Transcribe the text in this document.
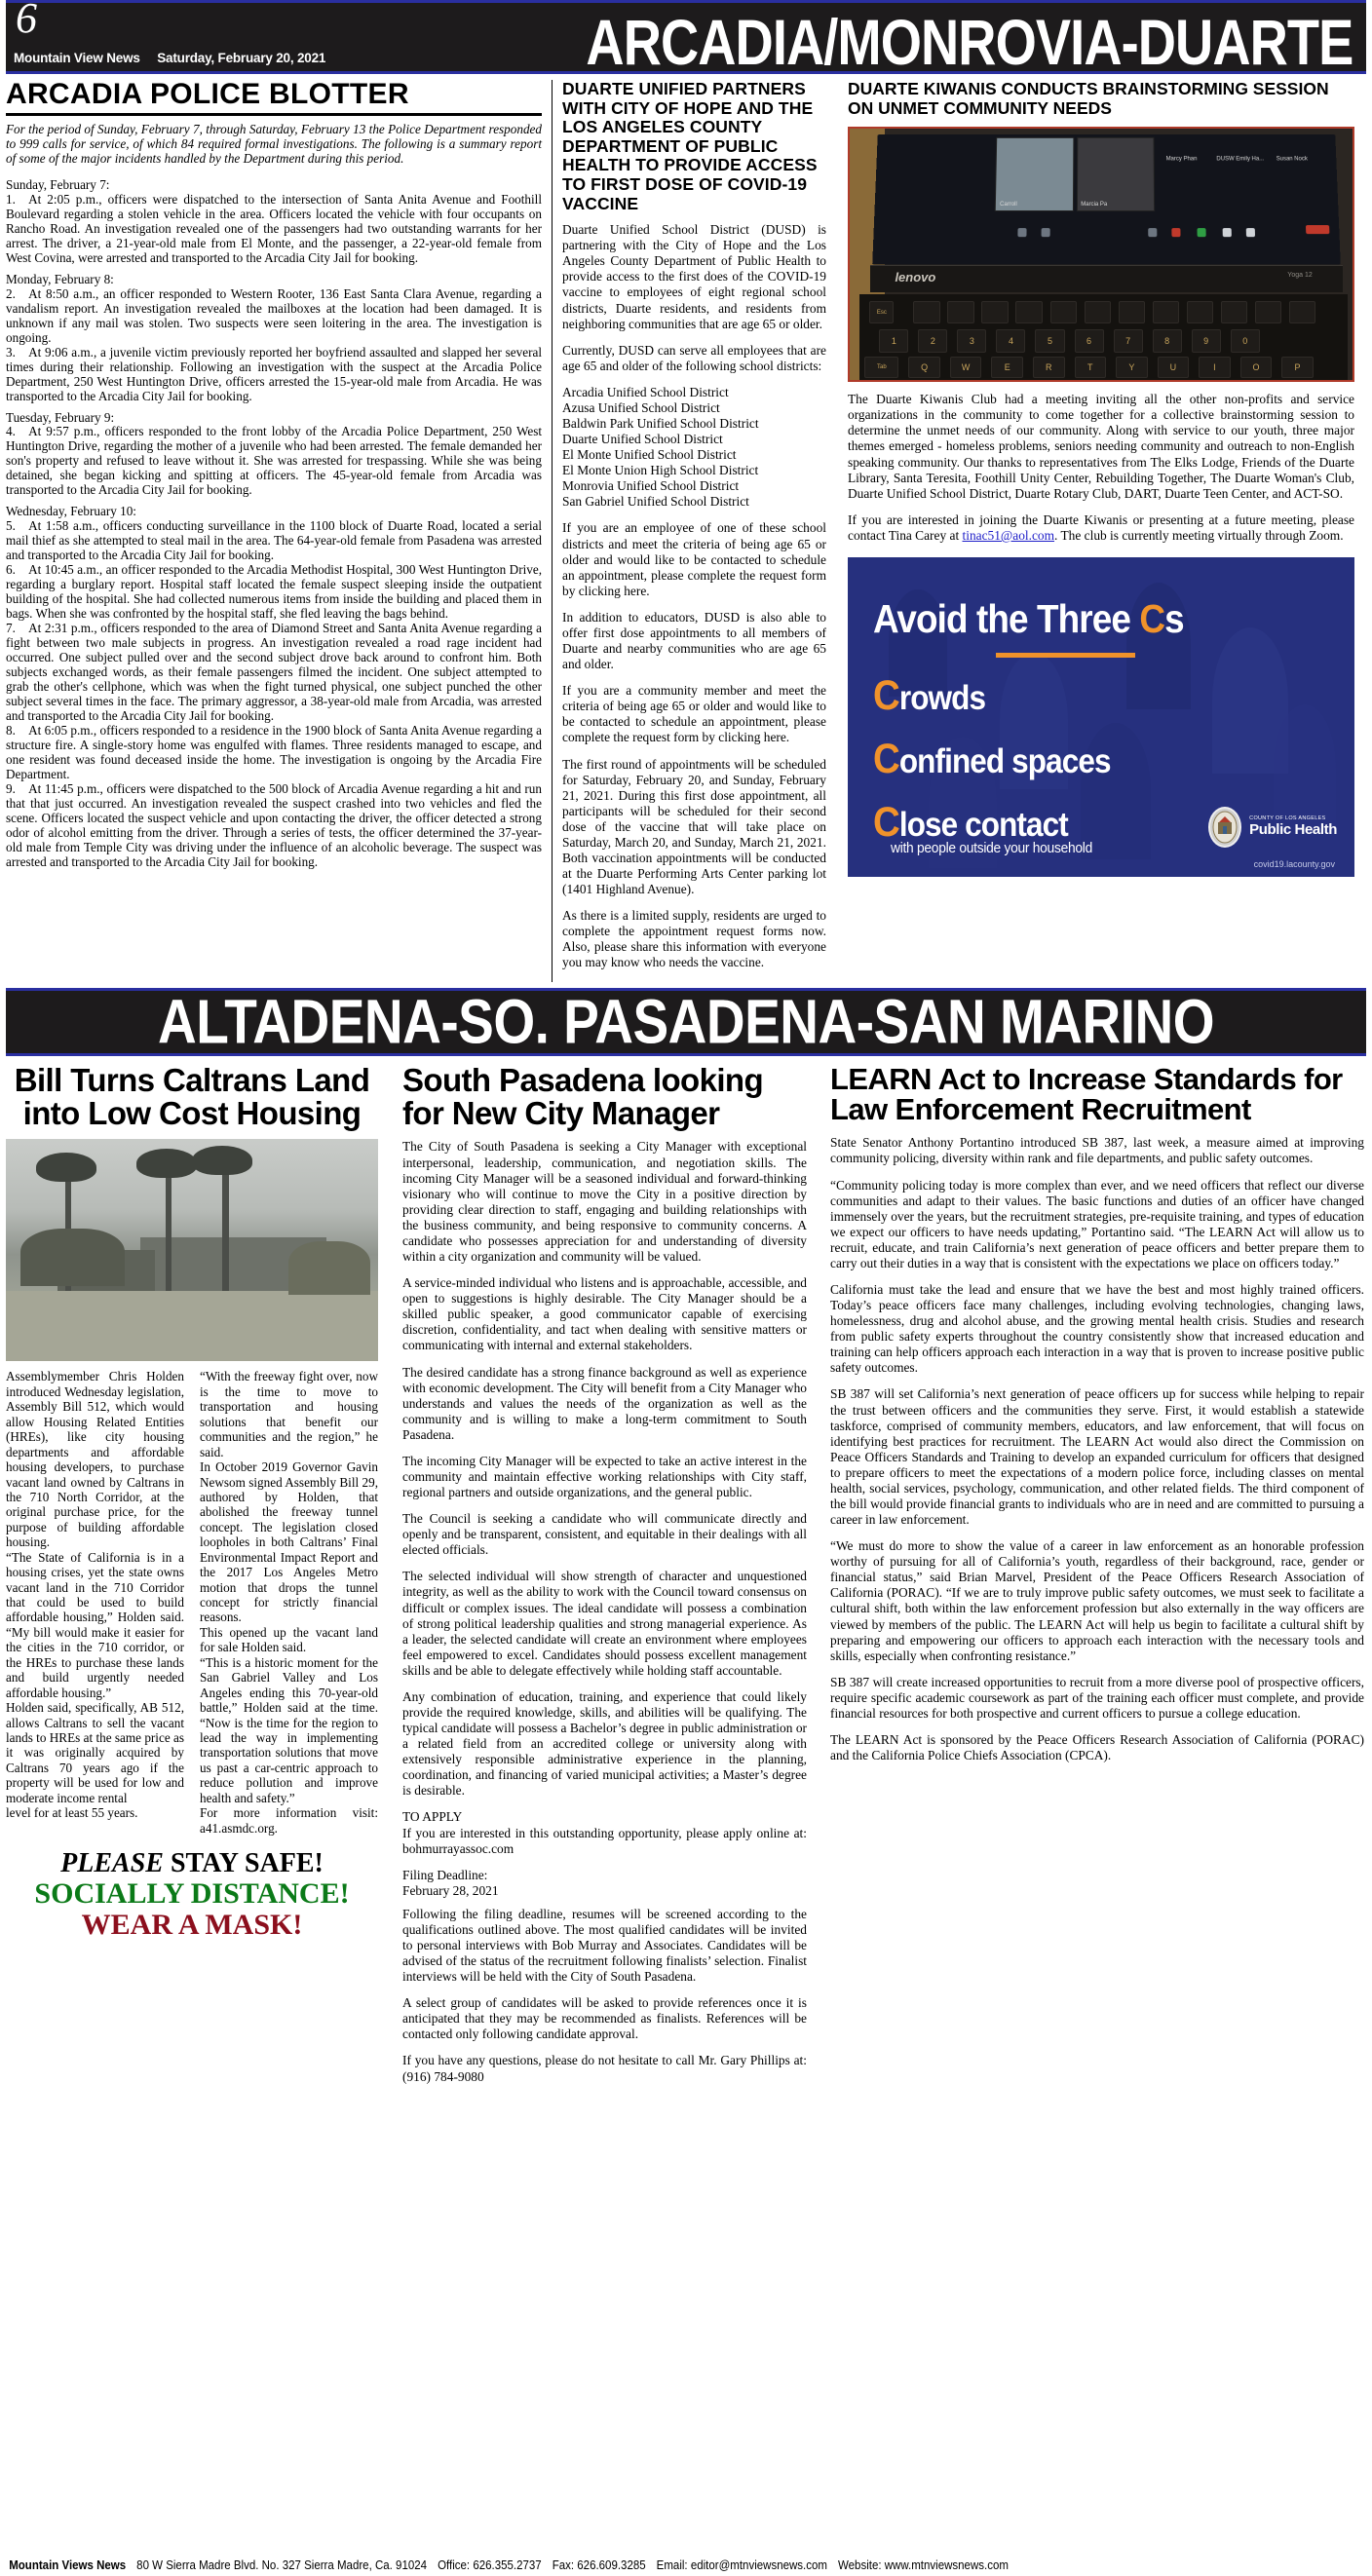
6
Mountain View News Saturday, February 20, 2021	ARCADIA/MONROVIA-DUARTE
ARCADIA POLICE BLOTTER
For the period of Sunday, February 7, through Saturday, February 13 the Police Department responded to 999 calls for service, of which 84 required formal investigations. The following is a summary report of some of the major incidents handled by the Department during this period.
Sunday, February 7:

1. At 2:05 p.m., officers were dispatched to the intersection of Santa Anita Avenue and Foothill Boulevard regarding a stolen vehicle in the area. Officers located the vehicle with four occupants on Rancho Road. An investigation revealed one of the passengers had two outstanding warrants for her arrest. The driver, a 21-year-old male from El Monte, and the passenger, a 22-year-old female from West Covina, were arrested and transported to the Arcadia City Jail for booking.

Monday, February 8:

2. At 8:50 a.m., an officer responded to Western Rooter, 136 East Santa Clara Avenue, regarding a vandalism report. An investigation revealed the mailboxes at the location had been damaged. It is unknown if any mail was stolen. Two suspects were seen loitering in the area. The investigation is ongoing.

3. At 9:06 a.m., a juvenile victim previously reported her boyfriend assaulted and slapped her several times during their relationship. Following an investigation with the suspect at the Arcadia Police Department, 250 West Huntington Drive, officers arrested the 15-year-old male from Arcadia. He was transported to the Arcadia City Jail for booking.

Tuesday, February 9:

4. At 9:57 p.m., officers responded to the front lobby of the Arcadia Police Department, 250 West Huntington Drive, regarding the mother of a juvenile who had been arrested. The female demanded her son's property and refused to leave without it. She was arrested for trespassing. While she was being detained, she began kicking and spitting at officers. The 45-year-old female from Arcadia was transported to the Arcadia City Jail for booking.

Wednesday, February 10:

5. At 1:58 a.m., officers conducting surveillance in the 1100 block of Duarte Road, located a serial mail thief as she attempted to steal mail in the area. The 64-year-old female from Pasadena was arrested and transported to the Arcadia City Jail for booking.

6. At 10:45 a.m., an officer responded to the Arcadia Methodist Hospital, 300 West Huntington Drive, regarding a burglary report. Hospital staff located the female suspect sleeping inside the outpatient building of the hospital. She had collected numerous items from inside the building and placed them in bags. When she was confronted by the hospital staff, she fled leaving the bags behind.

7. At 2:31 p.m., officers responded to the area of Diamond Street and Santa Anita Avenue regarding a fight between two male subjects in progress. An investigation revealed a road rage incident had occurred. One subject pulled over and the second subject drove back around to confront him. Both subjects exchanged words, as their female passengers filmed the incident. One subject attempted to grab the other's cellphone, which was when the fight turned physical, one subject punched the other subject several times in the face. The primary aggressor, a 38-year-old male from Arcadia, was arrested and transported to the Arcadia City Jail for booking.

8. At 6:05 p.m., officers responded to a residence in the 1900 block of Santa Anita Avenue regarding a structure fire. A single-story home was engulfed with flames. Three residents managed to escape, and one resident was found deceased inside the home. The investigation is ongoing by the Arcadia Fire Department.

9. At 11:45 p.m., officers were dispatched to the 500 block of Arcadia Avenue regarding a hit and run that that just occurred. An investigation revealed the suspect crashed into two vehicles and fled the scene. Officers located the suspect vehicle and upon contacting the driver, the officer detected a strong odor of alcohol emitting from the driver. Through a series of tests, the officer determined the 37-year-old male from Temple City was driving under the influence of an alcoholic beverage. The suspect was arrested and transported to the Arcadia City Jail for booking.

DUARTE UNIFIED PARTNERS WITH CITY OF HOPE AND THE LOS ANGELES COUNTY DEPARTMENT OF PUBLIC HEALTH TO PROVIDE ACCESS TO FIRST DOSE OF COVID-19 VACCINE

Duarte Unified School District (DUSD) is partnering with the City of Hope and the Los Angeles County Department of Public Health to provide access to the first does of the COVID-19 vaccine to employees of eight regional school districts, Duarte residents, and residents from neighboring communities that are age 65 or older.

Currently, DUSD can serve all employees that are age 65 and older of the following school districts:

Arcadia Unified School District
Azusa Unified School District
Baldwin Park Unified School District
Duarte Unified School District
El Monte Unified School District
El Monte Union High School District
Monrovia Unified School District
San Gabriel Unified School District

If you are an employee of one of these school districts and meet the criteria of being age 65 or older and would like to be contacted to schedule an appointment, please complete the request form by clicking here.

In addition to educators, DUSD is also able to offer first dose appointments to all members of Duarte and nearby communities who are age 65 and older.

If you are a community member and meet the criteria of being age 65 or older and would like to be contacted to schedule an appointment, please complete the request form by clicking here.

The first round of appointments will be scheduled for Saturday, February 20, and Sunday, February 21, 2021. During this first dose appointment, all participants will be scheduled for their second dose of the vaccine that will take place on Saturday, March 20, and Sunday, March 21, 2021. Both vaccination appointments will be conducted at the Duarte Performing Arts Center parking lot (1401 Highland Avenue).

As there is a limited supply, residents are urged to complete the appointment request forms now. Also, please share this information with everyone you may know who needs the vaccine.

DUARTE KIWANIS CONDUCTS BRAINSTORMING SESSION ON UNMET COMMUNITY NEEDS
Carroll	Marcia Pa
Marcy Phan	DUSW Emily Ha... Susan Nock
lenovo	Yoga 12
Esc
1	2	3	4	5	6	7	8	9	0
Tab	Q	W	E	R	T	Y	U	I	O	P

The Duarte Kiwanis Club had a meeting inviting all the other non-profits and service organizations in the community to come together for a collective brainstorming session to determine the unmet needs of our community. Along with service to our youth, three major themes emerged - homeless problems, seniors needing community and outreach to non-English speaking community. Our thanks to representatives from The Elks Lodge, Friends of the Duarte Library, Santa Teresita, Foothill Unity Center, Rebuilding Together, The Duarte Woman's Club, Duarte Unified School District, Duarte Rotary Club, DART, Duarte Teen Center, and ACT-SO.

If you are interested in joining the Duarte Kiwanis or presenting at a future meeting, please contact Tina Carey at tinac51@aol.com. The club is currently meeting virtually through Zoom.

Avoid the Three Cs
Crowds
Confined spaces
Close contact
with people outside your household
COUNTY OF LOS ANGELES
Public Health
covid19.lacounty.gov
ALTADENA-SO. PASADENA-SAN MARINO
Bill Turns Caltrans Land into Low Cost Housing

Assemblymember Chris Holden introduced Wednesday legislation, Assembly Bill 512, which would allow Housing Related Entities (HREs), like city housing departments and affordable housing developers, to purchase vacant land owned by Caltrans in the 710 North Corridor, at the original purchase price, for the purpose of building affordable housing.

“The State of California is in a housing crises, yet the state owns vacant land in the 710 Corridor that could be used to build affordable housing,” Holden said. “My bill would make it easier for the cities in the 710 corridor, or the HREs to purchase these lands and build urgently needed affordable housing.”

Holden said, specifically, AB 512, allows Caltrans to sell the vacant lands to HREs at the same price as it was originally acquired by Caltrans 70 years ago if the property will be used for low and moderate income rental

level for at least 55 years.

“With the freeway fight over, now is the time to move to transportation and housing solutions that benefit our communities and the region,” he said.

In October 2019 Governor Gavin Newsom signed Assembly Bill 29, authored by Holden, that abolished the freeway tunnel concept. The legislation closed loopholes in both Caltrans’ Final Environmental Impact Report and the 2017 Los Angeles Metro motion that drops the tunnel concept for strictly financial reasons.

This opened up the vacant land for sale Holden said.

“This is a historic moment for the San Gabriel Valley and Los Angeles ending this 70-year-old battle,” Holden said at the time. “Now is the time for the region to lead the way in implementing transportation solutions that move us past a car-centric approach to reduce pollution and improve health and safety.”

For more information visit: a41.asmdc.org.

PLEASE STAY SAFE!
SOCIALLY DISTANCE!
WEAR A MASK!
South Pasadena looking for New City Manager

The City of South Pasadena is seeking a City Manager with exceptional interpersonal, leadership, communication, and negotiation skills. The incoming City Manager will be a seasoned individual and forward-thinking visionary who will continue to move the City in a positive direction by providing clear direction to staff, engaging and building relationships with the business community, and being responsive to community concerns. A candidate who possesses appreciation for and understanding of diversity within a city organization and community will be valued.

A service-minded individual who listens and is approachable, accessible, and open to suggestions is highly desirable. The City Manager should be a skilled public speaker, a good communicator capable of exercising discretion, confidentiality, and tact when dealing with sensitive matters or communicating with internal and external stakeholders.

The desired candidate has a strong finance background as well as experience with economic development. The City will benefit from a City Manager who understands and values the needs of the organization as well as the community and is willing to make a long-term commitment to South Pasadena.

The incoming City Manager will be expected to take an active interest in the community and maintain effective working relationships with City staff, regional partners and outside organizations, and the general public.

The Council is seeking a candidate who will communicate directly and openly and be transparent, consistent, and equitable in their dealings with all elected officials.

The selected individual will show strength of character and unquestioned integrity, as well as the ability to work with the Council toward consensus on difficult or complex issues. The ideal candidate will possess a combination of strong political leadership qualities and strong managerial experience. As a leader, the selected candidate will create an environment where employees feel empowered to excel. Candidates should possess excellent management skills and be able to delegate effectively while holding staff accountable.

Any combination of education, training, and experience that could likely provide the required knowledge, skills, and abilities will be qualifying. The typical candidate will possess a Bachelor’s degree in public administration or a related field from an accredited college or university along with extensively responsible administrative experience in the planning, coordination, and financing of varied municipal activities; a Master’s degree is desirable.

TO APPLY

If you are interested in this outstanding opportunity, please apply online at: bohmurrayassoc.com

Filing Deadline:
February 28, 2021

Following the filing deadline, resumes will be screened according to the qualifications outlined above. The most qualified candidates will be invited to personal interviews with Bob Murray and Associates. Candidates will be advised of the status of the recruitment following finalists’ selection. Finalist interviews will be held with the City of South Pasadena.

A select group of candidates will be asked to provide references once it is anticipated that they may be recommended as finalists. References will be contacted only following candidate approval.

If you have any questions, please do not hesitate to call Mr. Gary Phillips at: (916) 784-9080

LEARN Act to Increase Standards for Law Enforcement Recruitment

State Senator Anthony Portantino introduced SB 387, last week, a measure aimed at improving community policing, diversity within rank and file departments, and public safety outcomes.

“Community policing today is more complex than ever, and we need officers that reflect our diverse communities and adapt to their values. The basic functions and duties of an officer have changed immensely over the years, but the recruitment strategies, pre-requisite training, and types of education we expect our officers to have needs updating,” Portantino said. “The LEARN Act will allow us to recruit, educate, and train California’s next generation of peace officers and better prepare them to carry out their duties in a way that is consistent with the expectations we place on officers today.”

California must take the lead and ensure that we have the best and most highly trained officers. Today’s peace officers face many challenges, including evolving technologies, changing laws, homelessness, drug and alcohol abuse, and the growing mental health crisis. Studies and research from public safety experts throughout the country consistently show that increased education and training can help officers approach each interaction in a way that is proven to increase positive public safety outcomes.

SB 387 will set California’s next generation of peace officers up for success while helping to repair the trust between officers and the communities they serve. First, it would establish a statewide taskforce, comprised of community members, educators, and law enforcement, that will focus on identifying best practices for recruitment. The LEARN Act would also direct the Commission on Peace Officers Standards and Training to develop an expanded curriculum for officers that designed to prepare officers to meet the expectations of a modern police force, including classes on mental health, social services, psychology, communication, and other related fields. The third component of the bill would provide financial grants to individuals who are in need and are committed to pursuing a career in law enforcement.

“We must do more to show the value of a career in law enforcement as an honorable profession worthy of pursuing for all of California’s youth, regardless of their background, race, gender or financial status,” said Brian Marvel, President of the Peace Officers Research Association of California (PORAC). “If we are to truly improve public safety outcomes, we must seek to facilitate a cultural shift, both within the law enforcement profession but also externally in the way officers are viewed by members of the public. The LEARN Act will help us begin to facilitate a cultural shift by preparing and empowering our officers to approach each interaction with the necessary tools and skills, especially when confronting resistance.”

SB 387 will create increased opportunities to recruit from a more diverse pool of prospective officers, require specific academic coursework as part of the training each officer must complete, and provide financial resources for both prospective and current officers to pursue a college education.

The LEARN Act is sponsored by the Peace Officers Research Association of California (PORAC) and the California Police Chiefs Association (CPCA).

Mountain Views News 80 W Sierra Madre Blvd. No. 327 Sierra Madre, Ca. 91024 Office: 626.355.2737 Fax: 626.609.3285 Email: editor@mtnviewsnews.com Website: www.mtnviewsnews.com
